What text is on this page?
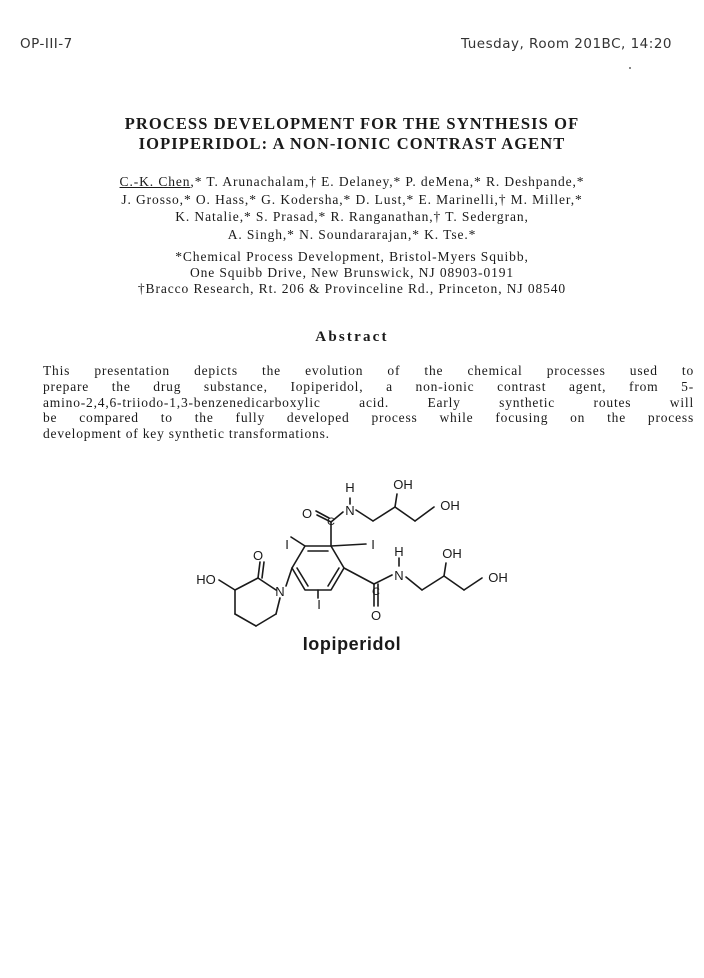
OP-III-7	Tuesday, Room 201BC, 14:20
PROCESS DEVELOPMENT FOR THE SYNTHESIS OF
IOPIPERIDOL: A NON-IONIC CONTRAST AGENT
C.-K. Chen,* T. Arunachalam,† E. Delaney,* P. deMena,* R. Deshpande,*
J. Grosso,* O. Hass,* G. Kodersha,* D. Lust,* E. Marinelli,† M. Miller,*
K. Natalie,* S. Prasad,* R. Ranganathan,† T. Sedergran,
A. Singh,* N. Soundararajan,* K. Tse.*
*Chemical Process Development, Bristol-Myers Squibb,
One Squibb Drive, New Brunswick, NJ 08903-0191
†Bracco Research, Rt. 206 & Provinceline Rd., Princeton, NJ 08540
Abstract
This presentation depicts the evolution of the chemical processes used to
prepare the drug substance, Iopiperidol, a non-ionic contrast agent, from 5-
amino-2,4,6-triiodo-1,3-benzenedicarboxylic acid. Early synthetic routes will
be compared to the fully developed process while focusing on the process
development of key synthetic transformations.
H
N
O
C
OH
OH
I	I
I
O
HO
N
H
N
C
O
OH
OH
Iopiperidol
